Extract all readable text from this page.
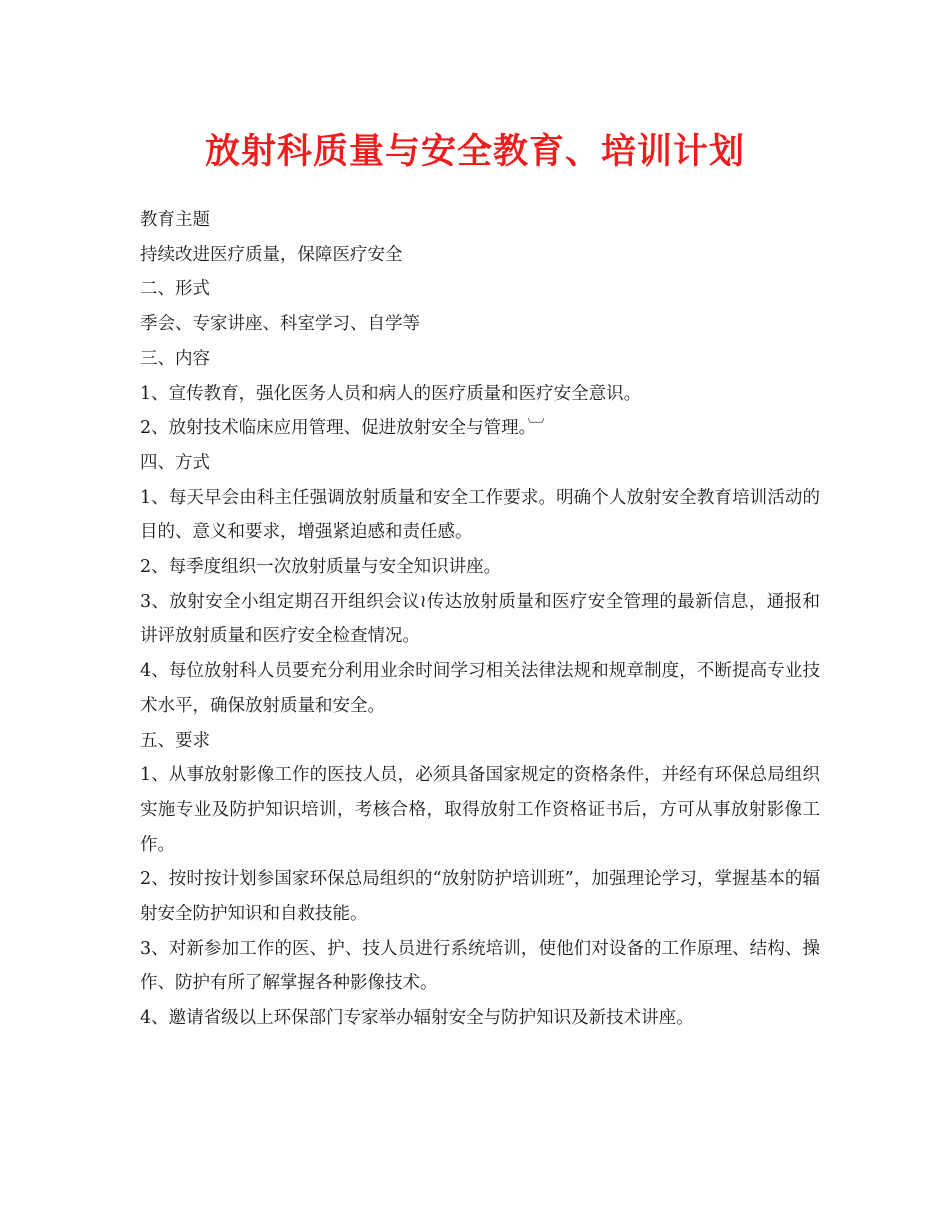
放射科质量与安全教育、培训计划

教育主题

持续改进医疗质量，保障医疗安全

二、形式

季会、专家讲座、科室学习、自学等

三、内容

1、宣传教育，强化医务人员和病人的医疗质量和医疗安全意识。

2、放射技术临床应用管理、促进放射安全与管理。︺

四、方式

1、每天早会由科主任强调放射质量和安全工作要求。明确个人放射安全教育培训活动的目的、意义和要求，增强紧迫感和责任感。

2、每季度组织一次放射质量与安全知识讲座。

3、放射安全小组定期召开组织会议≀传达放射质量和医疗安全管理的最新信息，通报和讲评放射质量和医疗安全检查情况。

4、每位放射科人员要充分利用业余时间学习相关法律法规和规章制度，不断提高专业技术水平，确保放射质量和安全。

五、要求

1、从事放射影像工作的医技人员，必须具备国家规定的资格条件，并经有环保总局组织实施专业及防护知识培训，考核合格，取得放射工作资格证书后，方可从事放射影像工作。

2、按时按计划参国家环保总局组织的“放射防护培训班”，加强理论学习，掌握基本的辐射安全防护知识和自救技能。

3、对新参加工作的医、护、技人员进行系统培训，使他们对设备的工作原理、结构、操作、防护有所了解掌握各种影像技术。

4、邀请省级以上环保部门专家举办辐射安全与防护知识及新技术讲座。
